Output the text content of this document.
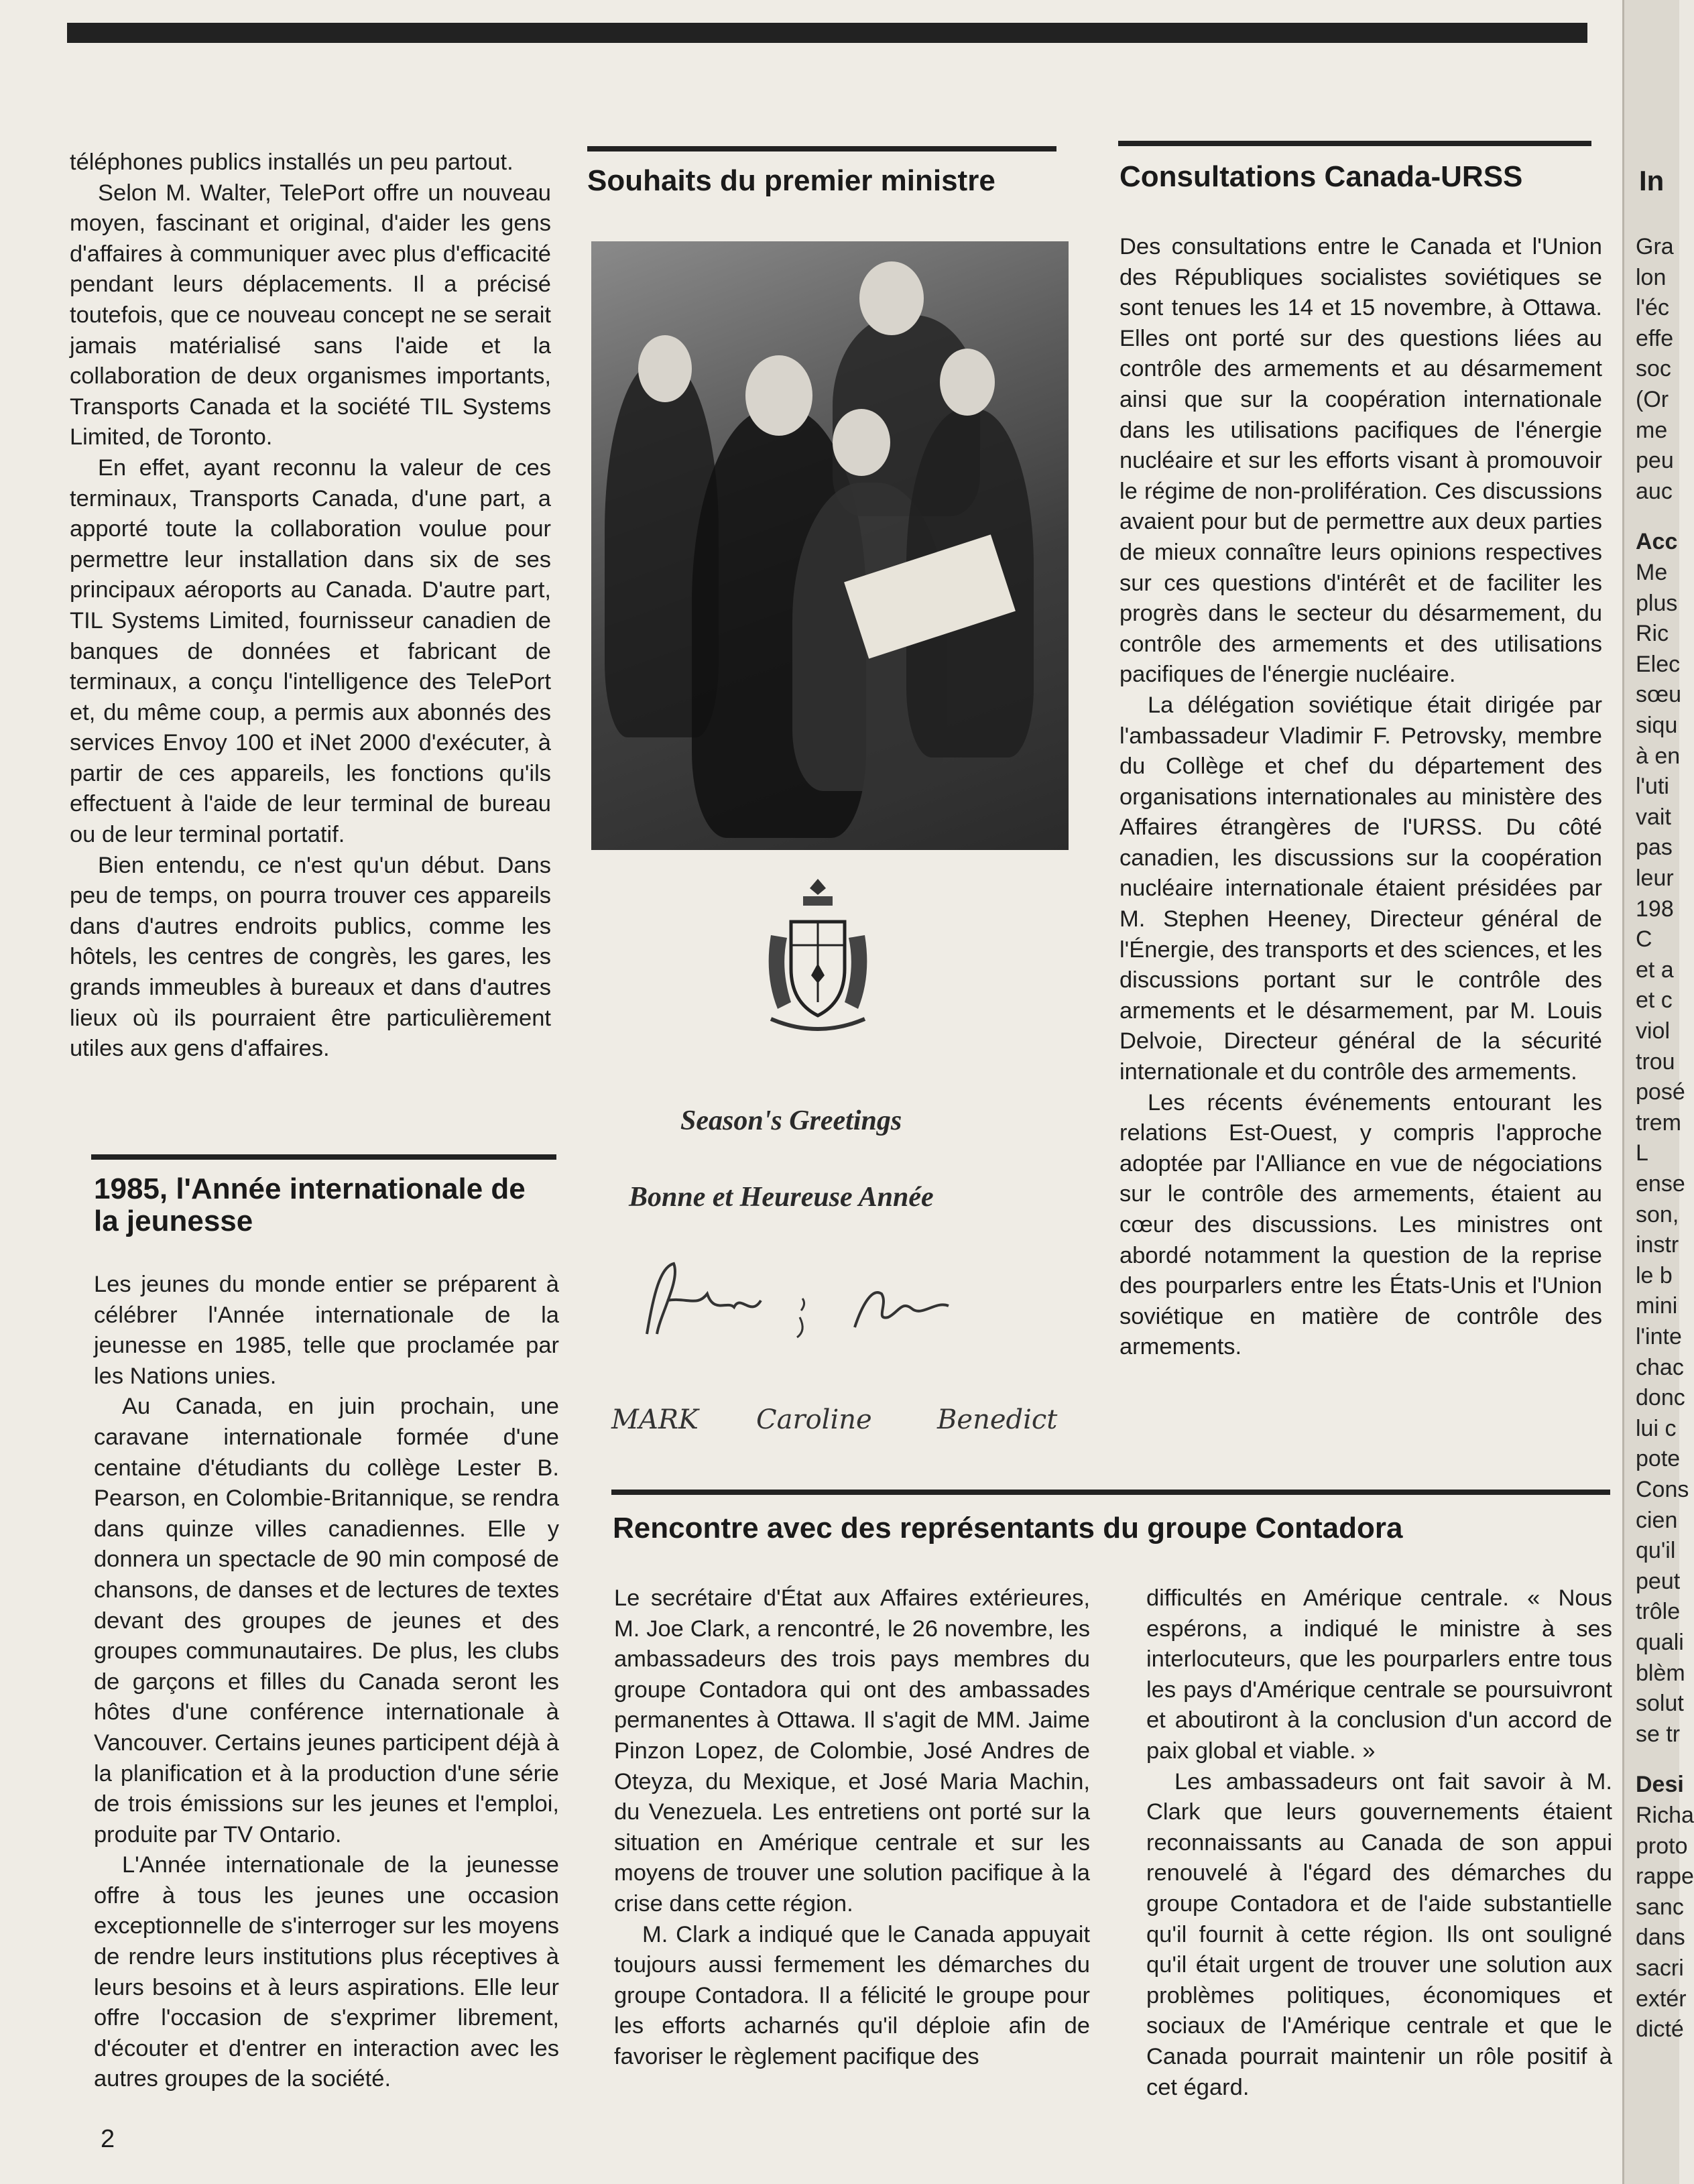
téléphones publics installés un peu partout.

Selon M. Walter, TelePort offre un nouveau moyen, fascinant et original, d'aider les gens d'affaires à communiquer avec plus d'efficacité pendant leurs déplacements. Il a précisé toutefois, que ce nouveau concept ne se serait jamais matérialisé sans l'aide et la collaboration de deux organismes importants, Transports Canada et la société TIL Systems Limited, de Toronto.

En effet, ayant reconnu la valeur de ces terminaux, Transports Canada, d'une part, a apporté toute la collaboration voulue pour permettre leur installation dans six de ses principaux aéroports au Canada. D'autre part, TIL Systems Limited, fournisseur canadien de banques de données et fabricant de terminaux, a conçu l'intelligence des TelePort et, du même coup, a permis aux abonnés des services Envoy 100 et iNet 2000 d'exécuter, à partir de ces appareils, les fonctions qu'ils effectuent à l'aide de leur terminal de bureau ou de leur terminal portatif.

Bien entendu, ce n'est qu'un début. Dans peu de temps, on pourra trouver ces appareils dans d'autres endroits publics, comme les hôtels, les centres de congrès, les gares, les grands immeubles à bureaux et dans d'autres lieux où ils pourraient être particulièrement utiles aux gens d'affaires.

1985, l'Année internationale de la jeunesse

Les jeunes du monde entier se préparent à célébrer l'Année internationale de la jeunesse en 1985, telle que proclamée par les Nations unies.

Au Canada, en juin prochain, une caravane internationale formée d'une centaine d'étudiants du collège Lester B. Pearson, en Colombie-Britannique, se rendra dans quinze villes canadiennes. Elle y donnera un spectacle de 90 min composé de chansons, de danses et de lectures de textes devant des groupes de jeunes et des groupes communautaires. De plus, les clubs de garçons et filles du Canada seront les hôtes d'une conférence internationale à Vancouver. Certains jeunes participent déjà à la planification et à la production d'une série de trois émissions sur les jeunes et l'emploi, produite par TV Ontario.

L'Année internationale de la jeunesse offre à tous les jeunes une occasion exceptionnelle de s'interroger sur les moyens de rendre leurs institutions plus réceptives à leurs besoins et à leurs aspirations. Elle leur offre l'occasion de s'exprimer librement, d'écouter et d'entrer en interaction avec les autres groupes de la société.

Souhaits du premier ministre
Season's Greetings
Bonne et Heureuse Année
MARK Caroline Benedict
Consultations Canada-URSS

Des consultations entre le Canada et l'Union des Républiques socialistes soviétiques se sont tenues les 14 et 15 novembre, à Ottawa. Elles ont porté sur des questions liées au contrôle des armements et au désarmement ainsi que sur la coopération internationale dans les utilisations pacifiques de l'énergie nucléaire et sur les efforts visant à promouvoir le régime de non-prolifération. Ces discussions avaient pour but de permettre aux deux parties de mieux connaître leurs opinions respectives sur ces questions d'intérêt et de faciliter les progrès dans le secteur du désarmement, du contrôle des armements et des utilisations pacifiques de l'énergie nucléaire.

La délégation soviétique était dirigée par l'ambassadeur Vladimir F. Petrovsky, membre du Collège et chef du département des organisations internationales au ministère des Affaires étrangères de l'URSS. Du côté canadien, les discussions sur la coopération nucléaire internationale étaient présidées par M. Stephen Heeney, Directeur général de l'Énergie, des transports et des sciences, et les discussions portant sur le contrôle des armements et le désarmement, par M. Louis Delvoie, Directeur général de la sécurité internationale et du contrôle des armements.

Les récents événements entourant les relations Est-Ouest, y compris l'approche adoptée par l'Alliance en vue de négociations sur le contrôle des armements, étaient au cœur des discussions. Les ministres ont abordé notamment la question de la reprise des pourparlers entre les États-Unis et l'Union soviétique en matière de contrôle des armements.

Rencontre avec des représentants du groupe Contadora

Le secrétaire d'État aux Affaires extérieures, M. Joe Clark, a rencontré, le 26 novembre, les ambassadeurs des trois pays membres du groupe Contadora qui ont des ambassades permanentes à Ottawa. Il s'agit de MM. Jaime Pinzon Lopez, de Colombie, José Andres de Oteyza, du Mexique, et José Maria Machin, du Venezuela. Les entretiens ont porté sur la situation en Amérique centrale et sur les moyens de trouver une solution pacifique à la crise dans cette région.

M. Clark a indiqué que le Canada appuyait toujours aussi fermement les démarches du groupe Contadora. Il a félicité le groupe pour les efforts acharnés qu'il déploie afin de favoriser le règlement pacifique des

difficultés en Amérique centrale. « Nous espérons, a indiqué le ministre à ses interlocuteurs, que les pourparlers entre tous les pays d'Amérique centrale se poursuivront et aboutiront à la conclusion d'un accord de paix global et viable. »

Les ambassadeurs ont fait savoir à M. Clark que leurs gouvernements étaient reconnaissants au Canada de son appui renouvelé à l'égard des démarches du groupe Contadora et de l'aide substantielle qu'il fournit à cette région. Ils ont souligné qu'il était urgent de trouver une solution aux problèmes politiques, économiques et sociaux de l'Amérique centrale et que le Canada pourrait maintenir un rôle positif à cet égard.

2
In
Gra
lon
l'éc
effe
soc
(Or
me
peu
auc
Acc
Me
plus
Ric
Elec
sœu
siqu
à en
l'uti
vait
pas
leur
198
C
et a
et c
viol
trou
posé
trem
L
ense
son,
instr
le b
mini
l'inte
chac
donc
lui c
pote
Cons
cien
qu'il
peut
trôle
quali
blèm
solut
se tr
Desi
Richa
proto
rappe
sanc
dans
sacri
extér
dicté
